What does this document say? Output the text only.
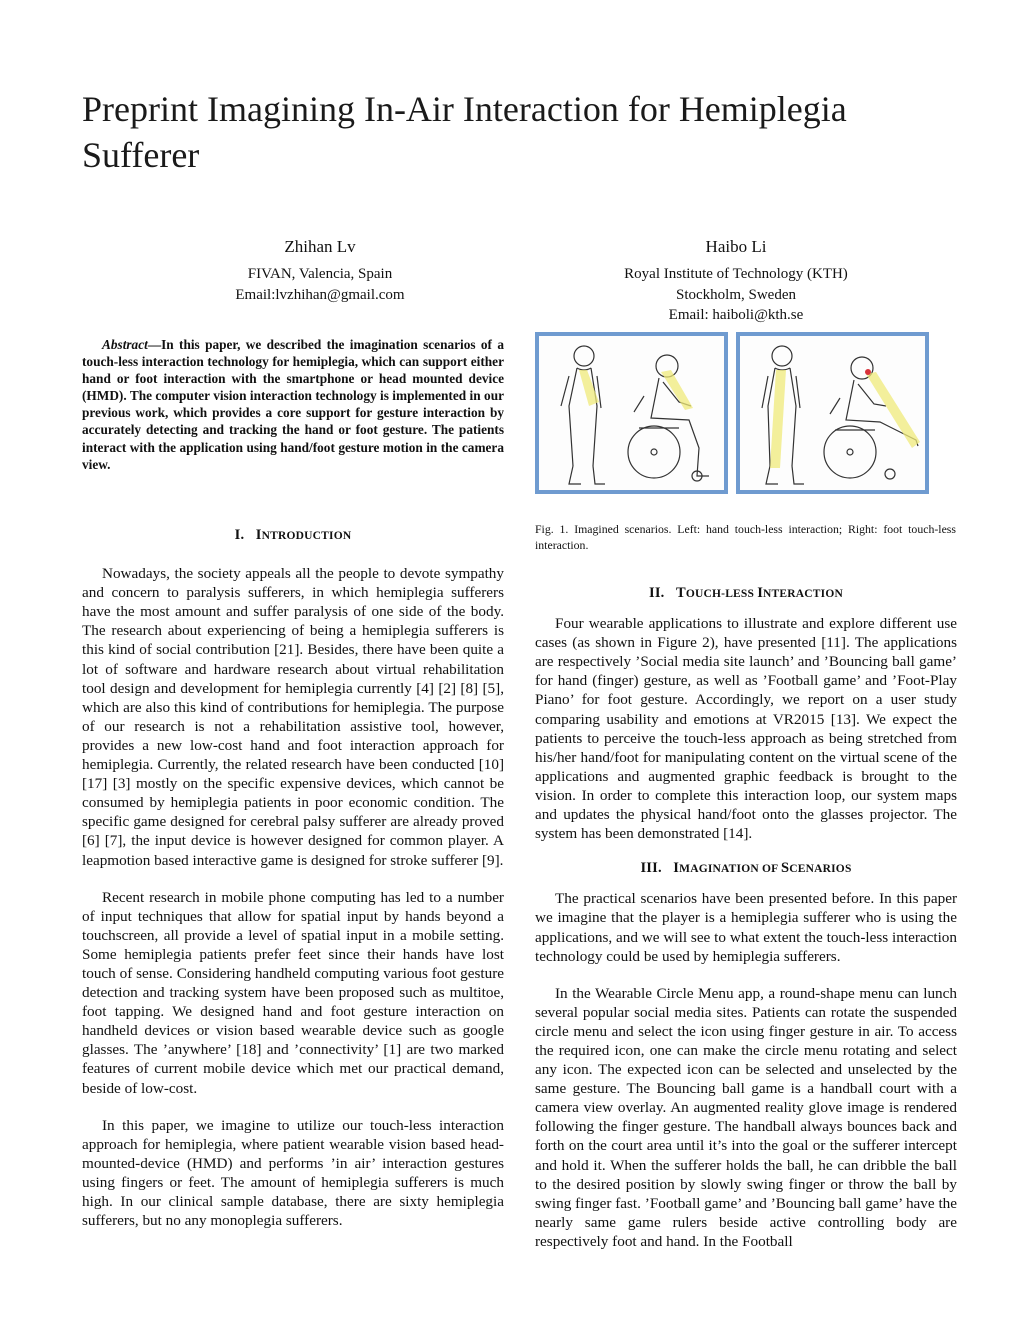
Preprint Imagining In-Air Interaction for Hemiplegia Sufferer
Zhihan Lv
FIVAN, Valencia, Spain
Email:lvzhihan@gmail.com
Haibo Li
Royal Institute of Technology (KTH)
Stockholm, Sweden
Email: haiboli@kth.se
Abstract—In this paper, we described the imagination scenarios of a touch-less interaction technology for hemiplegia, which can support either hand or foot interaction with the smartphone or head mounted device (HMD). The computer vision interaction technology is implemented in our previous work, which provides a core support for gesture interaction by accurately detecting and tracking the hand or foot gesture. The patients interact with the application using hand/foot gesture motion in the camera view.
Fig. 1. Imagined scenarios. Left: hand touch-less interaction; Right: foot touch-less interaction.
I. INTRODUCTION

Nowadays, the society appeals all the people to devote sympathy and concern to paralysis sufferers, in which hemiplegia sufferers have the most amount and suffer paralysis of one side of the body. The research about experiencing of being a hemiplegia sufferers is this kind of social contribution [21]. Besides, there have been quite a lot of software and hardware research about virtual rehabilitation tool design and development for hemiplegia currently [4] [2] [8] [5], which are also this kind of contributions for hemiplegia. The purpose of our research is not a rehabilitation assistive tool, however, provides a new low-cost hand and foot interaction approach for hemiplegia. Currently, the related research have been conducted [10] [17] [3] mostly on the specific expensive devices, which cannot be consumed by hemiplegia patients in poor economic condition. The specific game designed for cerebral palsy sufferer are already proved [6] [7], the input device is however designed for common player. A leapmotion based interactive game is designed for stroke sufferer [9].

Recent research in mobile phone computing has led to a number of input techniques that allow for spatial input by hands beyond a touchscreen, all provide a level of spatial input in a mobile setting. Some hemiplegia patients prefer feet since their hands have lost touch of sense. Considering handheld computing various foot gesture detection and tracking system have been proposed such as multitoe, foot tapping. We designed hand and foot gesture interaction on handheld devices or vision based wearable device such as google glasses. The ’anywhere’ [18] and ’connectivity’ [1] are two marked features of current mobile device which met our practical demand, beside of low-cost.

In this paper, we imagine to utilize our touch-less interaction approach for hemiplegia, where patient wearable vision based head-mounted-device (HMD) and performs ’in air’ interaction gestures using fingers or feet. The amount of hemiplegia sufferers is much high. In our clinical sample database, there are sixty hemiplegia sufferers, but no any monoplegia sufferers.

II. TOUCH-LESS INTERACTION

Four wearable applications to illustrate and explore different use cases (as shown in Figure 2), have presented [11]. The applications are respectively ’Social media site launch’ and ’Bouncing ball game’ for hand (finger) gesture, as well as ’Football game’ and ’Foot-Play Piano’ for foot gesture. Accordingly, we report on a user study comparing usability and emotions at VR2015 [13]. We expect the patients to perceive the touch-less approach as being stretched from his/her hand/foot for manipulating content on the virtual scene of the applications and augmented graphic feedback is brought to the vision. In order to complete this interaction loop, our system maps and updates the physical hand/foot onto the glasses projector. The system has been demonstrated [14].

III. IMAGINATION OF SCENARIOS

The practical scenarios have been presented before. In this paper we imagine that the player is a hemiplegia sufferer who is using the applications, and we will see to what extent the touch-less interaction technology could be used by hemiplegia sufferers.

In the Wearable Circle Menu app, a round-shape menu can lunch several popular social media sites. Patients can rotate the suspended circle menu and select the icon using finger gesture in air. To access the required icon, one can make the circle menu rotating and select any icon. The expected icon can be selected and unselected by the same gesture. The Bouncing ball game is a handball court with a camera view overlay. An augmented reality glove image is rendered following the finger gesture. The handball always bounces back and forth on the court area until it’s into the goal or the sufferer intercept and hold it. When the sufferer holds the ball, he can dribble the ball to the desired position by slowly swing finger or throw the ball by swing finger fast. ’Football game’ and ’Bouncing ball game’ have the nearly same game rulers beside active controlling body are respectively foot and hand. In the Football
